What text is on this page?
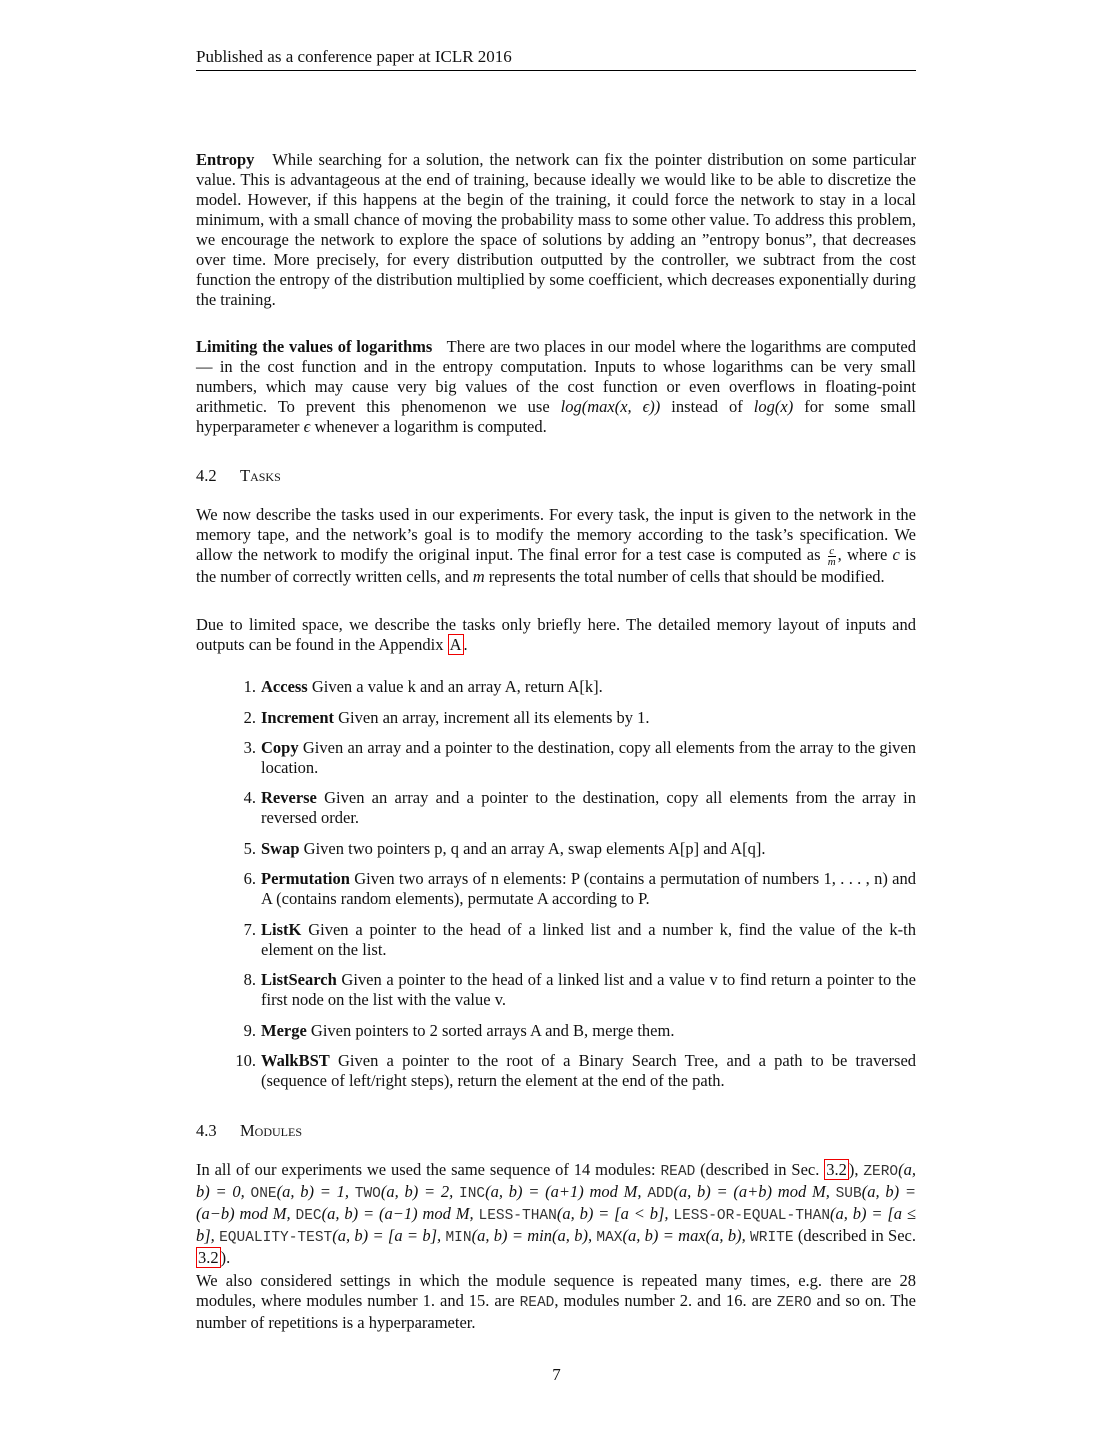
Published as a conference paper at ICLR 2016

Entropy While searching for a solution, the network can fix the pointer distribution on some particular value. This is advantageous at the end of training, because ideally we would like to be able to discretize the model. However, if this happens at the begin of the training, it could force the network to stay in a local minimum, with a small chance of moving the probability mass to some other value. To address this problem, we encourage the network to explore the space of solutions by adding an ”entropy bonus”, that decreases over time. More precisely, for every distribution outputted by the controller, we subtract from the cost function the entropy of the distribution multiplied by some coefficient, which decreases exponentially during the training.

Limiting the values of logarithms There are two places in our model where the logarithms are computed — in the cost function and in the entropy computation. Inputs to whose logarithms can be very small numbers, which may cause very big values of the cost function or even overflows in floating-point arithmetic. To prevent this phenomenon we use log(max(x, ϵ)) instead of log(x) for some small hyperparameter ϵ whenever a logarithm is computed.

4.2 Tasks

We now describe the tasks used in our experiments. For every task, the input is given to the network in the memory tape, and the network’s goal is to modify the memory according to the task’s specification. We allow the network to modify the original input. The final error for a test case is computed as $\frac{c}{m}$ , where c is the number of correctly written cells, and m represents the total number of cells that should be modified.

Due to limited space, we describe the tasks only briefly here. The detailed memory layout of inputs and outputs can be found in the Appendix A .

1. Access Given a value k and an array A, return A[k].
2. Increment Given an array, increment all its elements by 1.
3. Copy Given an array and a pointer to the destination, copy all elements from the array to the given location.
4. Reverse Given an array and a pointer to the destination, copy all elements from the array in reversed order.
5. Swap Given two pointers p, q and an array A, swap elements A[p] and A[q].
6. Permutation Given two arrays of n elements: P (contains a permutation of numbers 1, . . . , n) and A (contains random elements), permutate A according to P.
7. ListK Given a pointer to the head of a linked list and a number k, find the value of the k-th element on the list.
8. ListSearch Given a pointer to the head of a linked list and a value v to find return a pointer to the first node on the list with the value v.
9. Merge Given pointers to 2 sorted arrays A and B, merge them.
10. WalkBST Given a pointer to the root of a Binary Search Tree, and a path to be traversed (sequence of left/right steps), return the element at the end of the path.
4.3 Modules

In all of our experiments we used the same sequence of 14 modules: READ (described in Sec. 3.2 ), ZERO(a, b) = 0, ONE(a, b) = 1, TWO(a, b) = 2, INC(a, b) = (a+1) mod M, ADD(a, b) = (a+b) mod M, SUB(a, b) = (a−b) mod M, DEC(a, b) = (a−1) mod M, LESS-THAN(a, b) = [a < b], LESS-OR-EQUAL-THAN(a, b) = [a ≤ b], EQUALITY-TEST(a, b) = [a = b], MIN(a, b) = min(a, b), MAX(a, b) = max(a, b), WRITE (described in Sec. 3.2 ).

We also considered settings in which the module sequence is repeated many times, e.g. there are 28 modules, where modules number 1. and 15. are READ, modules number 2. and 16. are ZERO and so on. The number of repetitions is a hyperparameter.

7
